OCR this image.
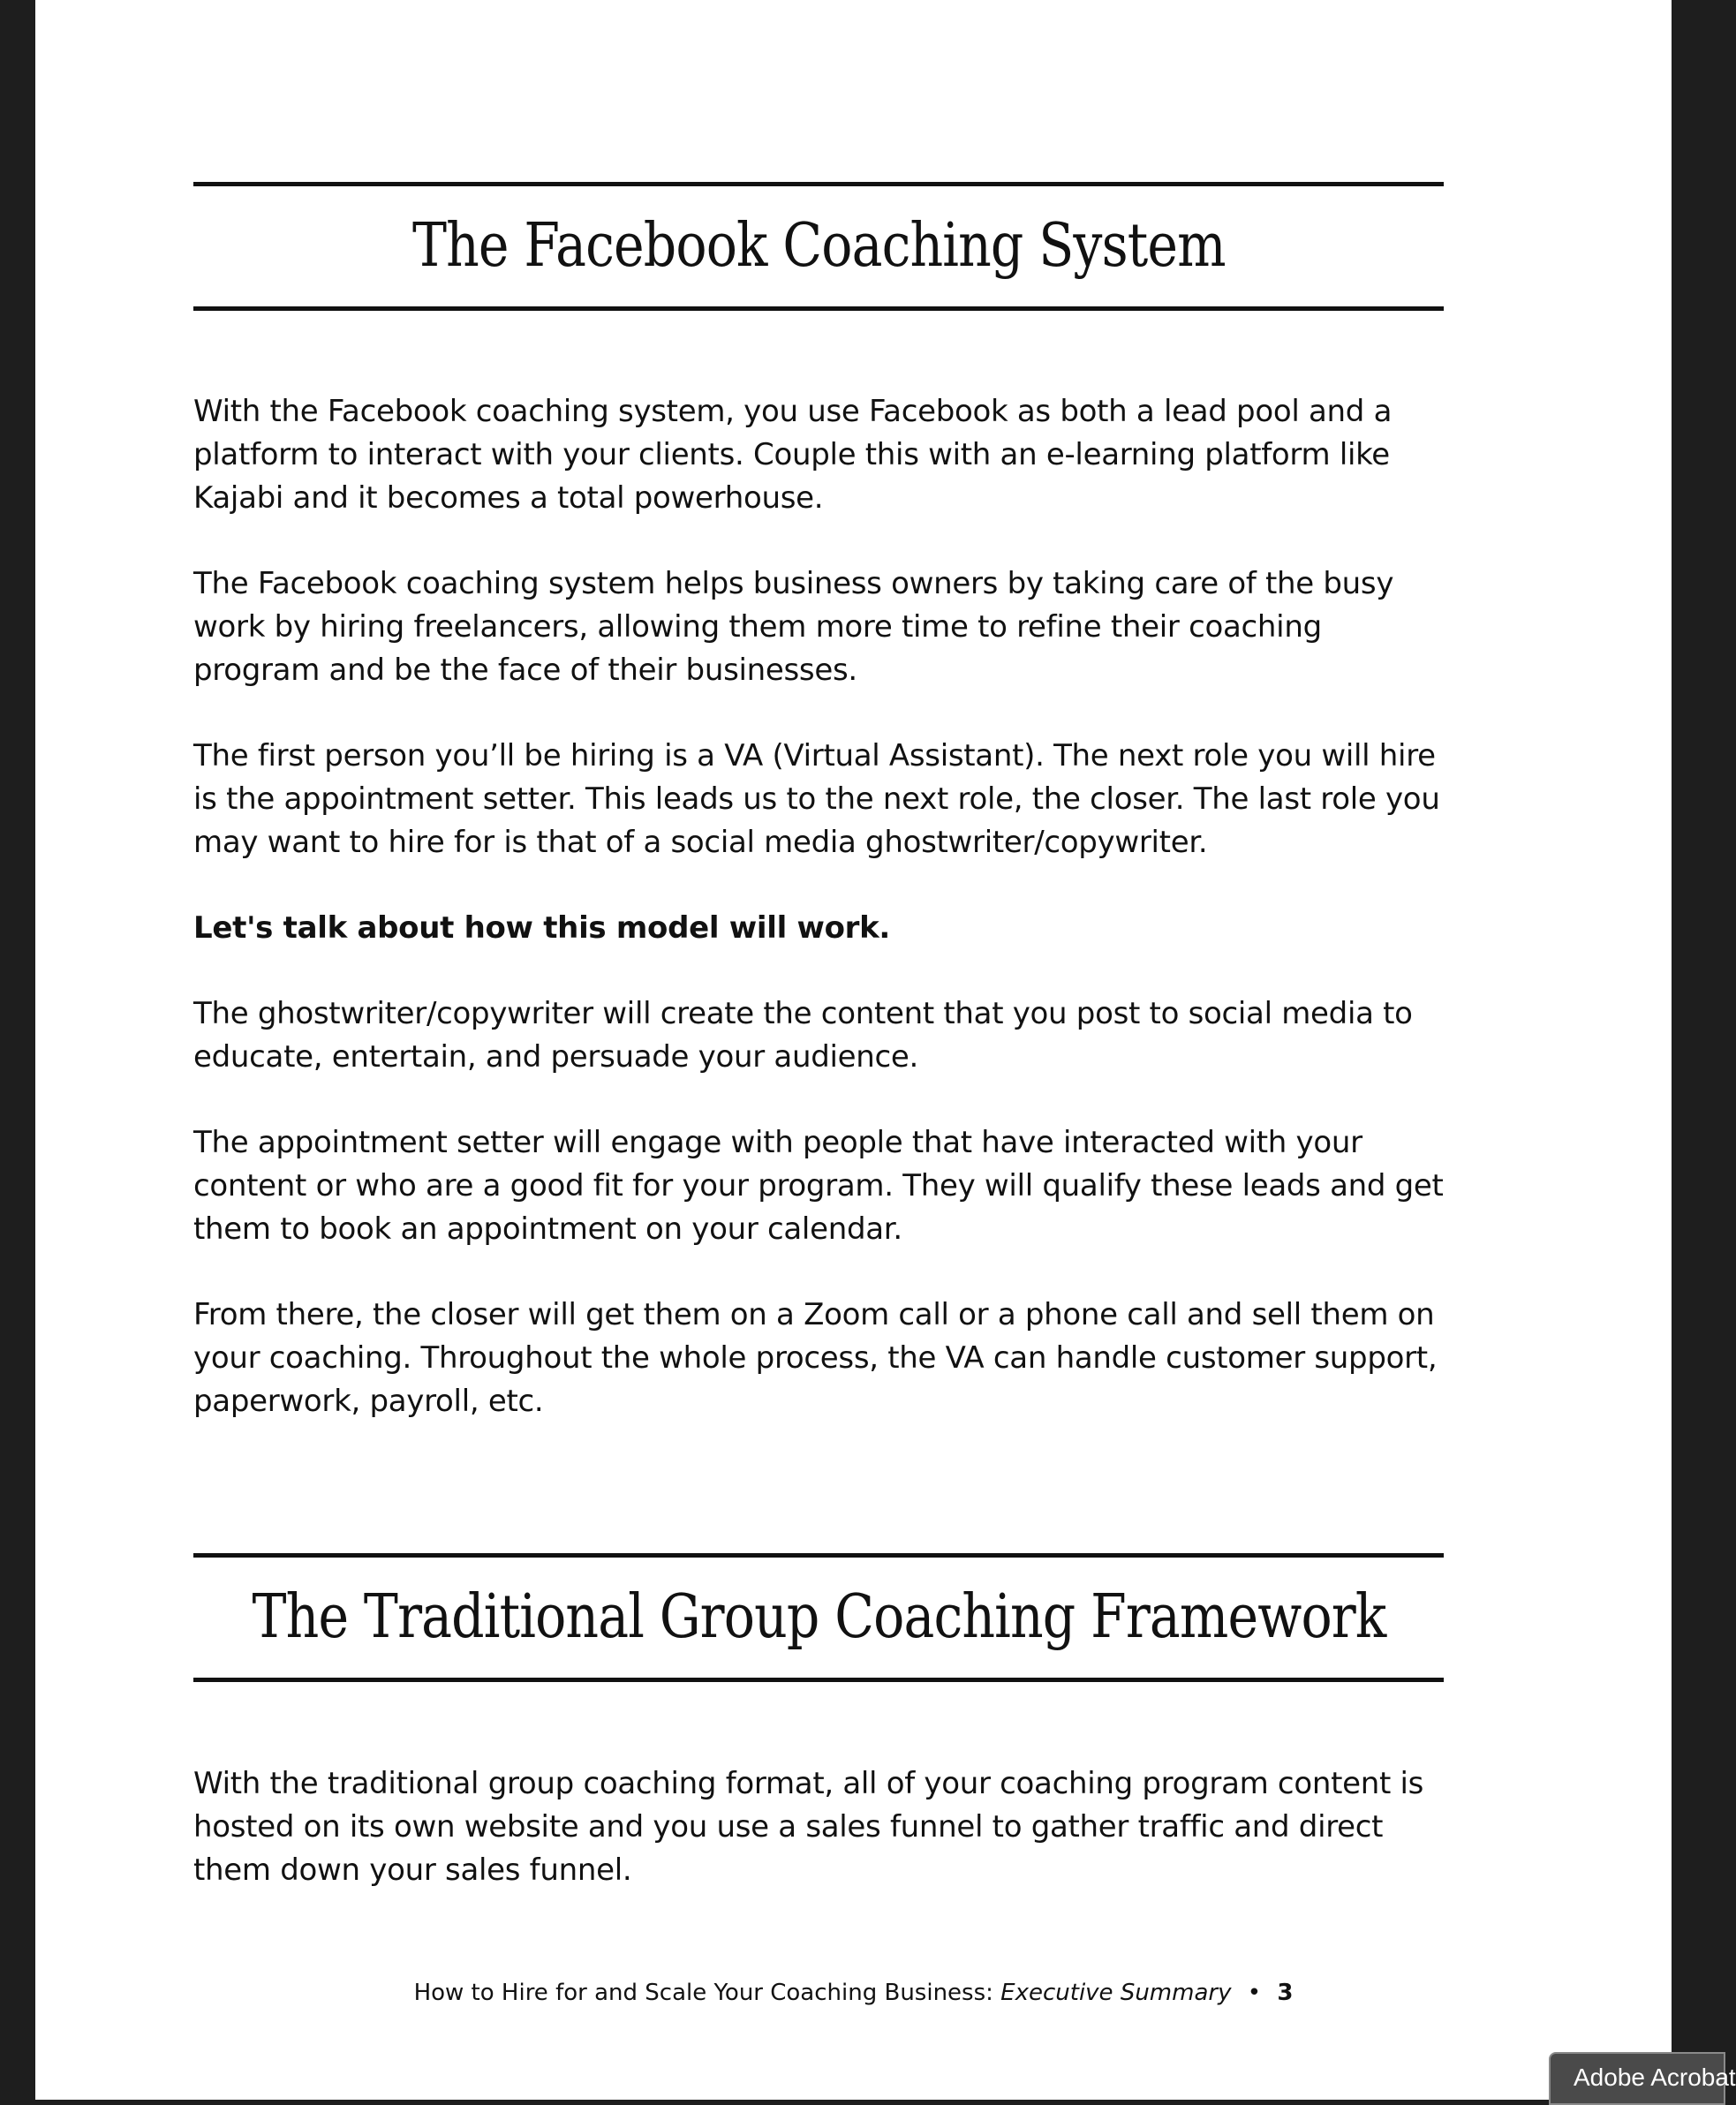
The Facebook Coaching System

With the Facebook coaching system, you use Facebook as both a lead pool and a platform to interact with your clients. Couple this with an e-learning platform like Kajabi and it becomes a total powerhouse.

The Facebook coaching system helps business owners by taking care of the busy work by hiring freelancers, allowing them more time to refine their coaching program and be the face of their businesses.

The first person you’ll be hiring is a VA (Virtual Assistant). The next role you will hire is the appointment setter. This leads us to the next role, the closer. The last role you may want to hire for is that of a social media ghostwriter/copywriter.

Let's talk about how this model will work.

The ghostwriter/copywriter will create the content that you post to social media to educate, entertain, and persuade your audience.

The appointment setter will engage with people that have interacted with your content or who are a good fit for your program. They will qualify these leads and get them to book an appointment on your calendar.

From there, the closer will get them on a Zoom call or a phone call and sell them on your coaching. Throughout the whole process, the VA can handle customer support, paperwork, payroll, etc.

The Traditional Group Coaching Framework

With the traditional group coaching format, all of your coaching program content is hosted on its own website and you use a sales funnel to gather traffic and direct them down your sales funnel.

How to Hire for and Scale Your Coaching Business: Executive Summary • 3
Adobe Acrobat
